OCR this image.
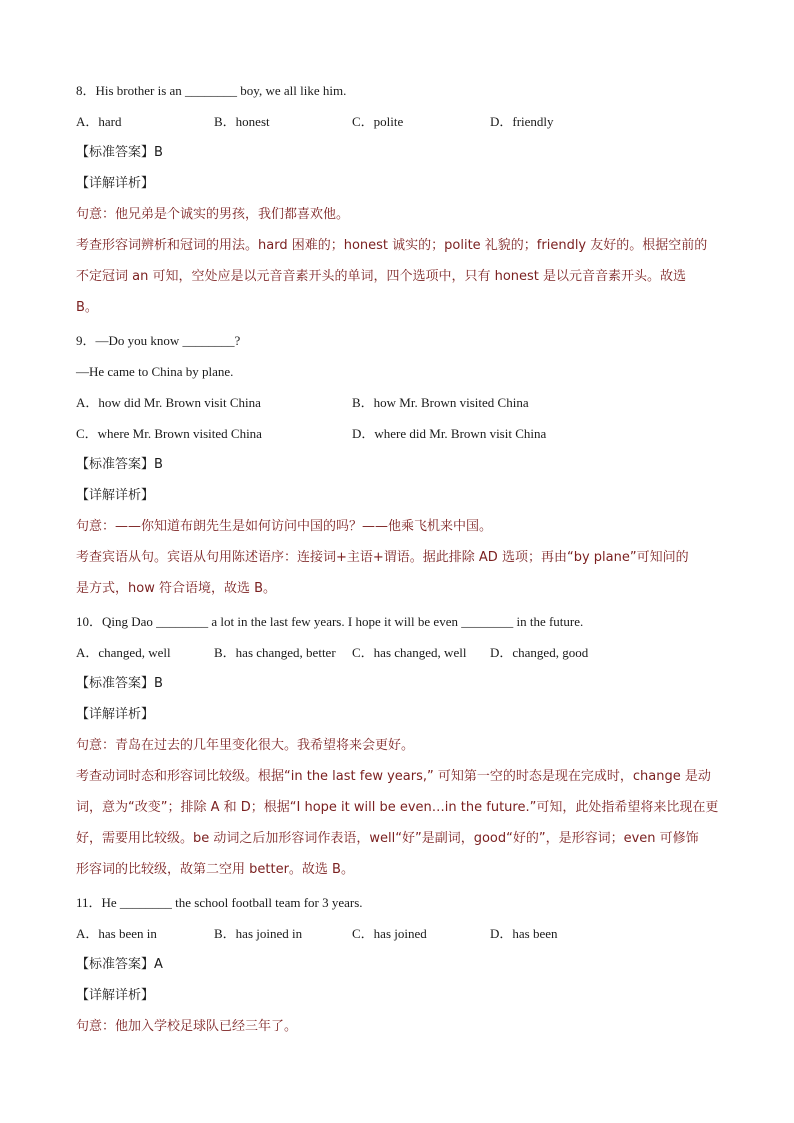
8．His brother is an ________ boy, we all like him.
A．hard	B．honest	C．polite	D．friendly
【标准答案】B
【详解详析】
句意：他兄弟是个诚实的男孩，我们都喜欢他。
考查形容词辨析和冠词的用法。hard 困难的；honest 诚实的；polite 礼貌的；friendly 友好的。根据空前的
不定冠词 an 可知，空处应是以元音音素开头的单词，四个选项中，只有 honest 是以元音音素开头。故选
B。
9．—Do you know ________?
—He came to China by plane.
A．how did Mr. Brown visit China	B．how Mr. Brown visited China
C．where Mr. Brown visited China	D．where did Mr. Brown visit China
【标准答案】B
【详解详析】
句意：——你知道布朗先生是如何访问中国的吗？——他乘飞机来中国。
考查宾语从句。宾语从句用陈述语序：连接词+主语+谓语。据此排除 AD 选项；再由“by plane”可知问的
是方式，how 符合语境，故选 B。
10．Qing Dao ________ a lot in the last few years. I hope it will be even ________ in the future.
A．changed, well	B．has changed, better C．has changed, well D．changed, good
【标准答案】B
【详解详析】
句意：青岛在过去的几年里变化很大。我希望将来会更好。
考查动词时态和形容词比较级。根据“in the last few years,” 可知第一空的时态是现在完成时，change 是动
词，意为“改变”；排除 A 和 D；根据“I hope it will be even…in the future.”可知，此处指希望将来比现在更
好，需要用比较级。be 动词之后加形容词作表语，well“好”是副词，good“好的”，是形容词；even 可修饰
形容词的比较级，故第二空用 better。故选 B。
11．He ________ the school football team for 3 years.
A．has been in	B．has joined in	C．has joined	D．has been
【标准答案】A
【详解详析】
句意：他加入学校足球队已经三年了。
